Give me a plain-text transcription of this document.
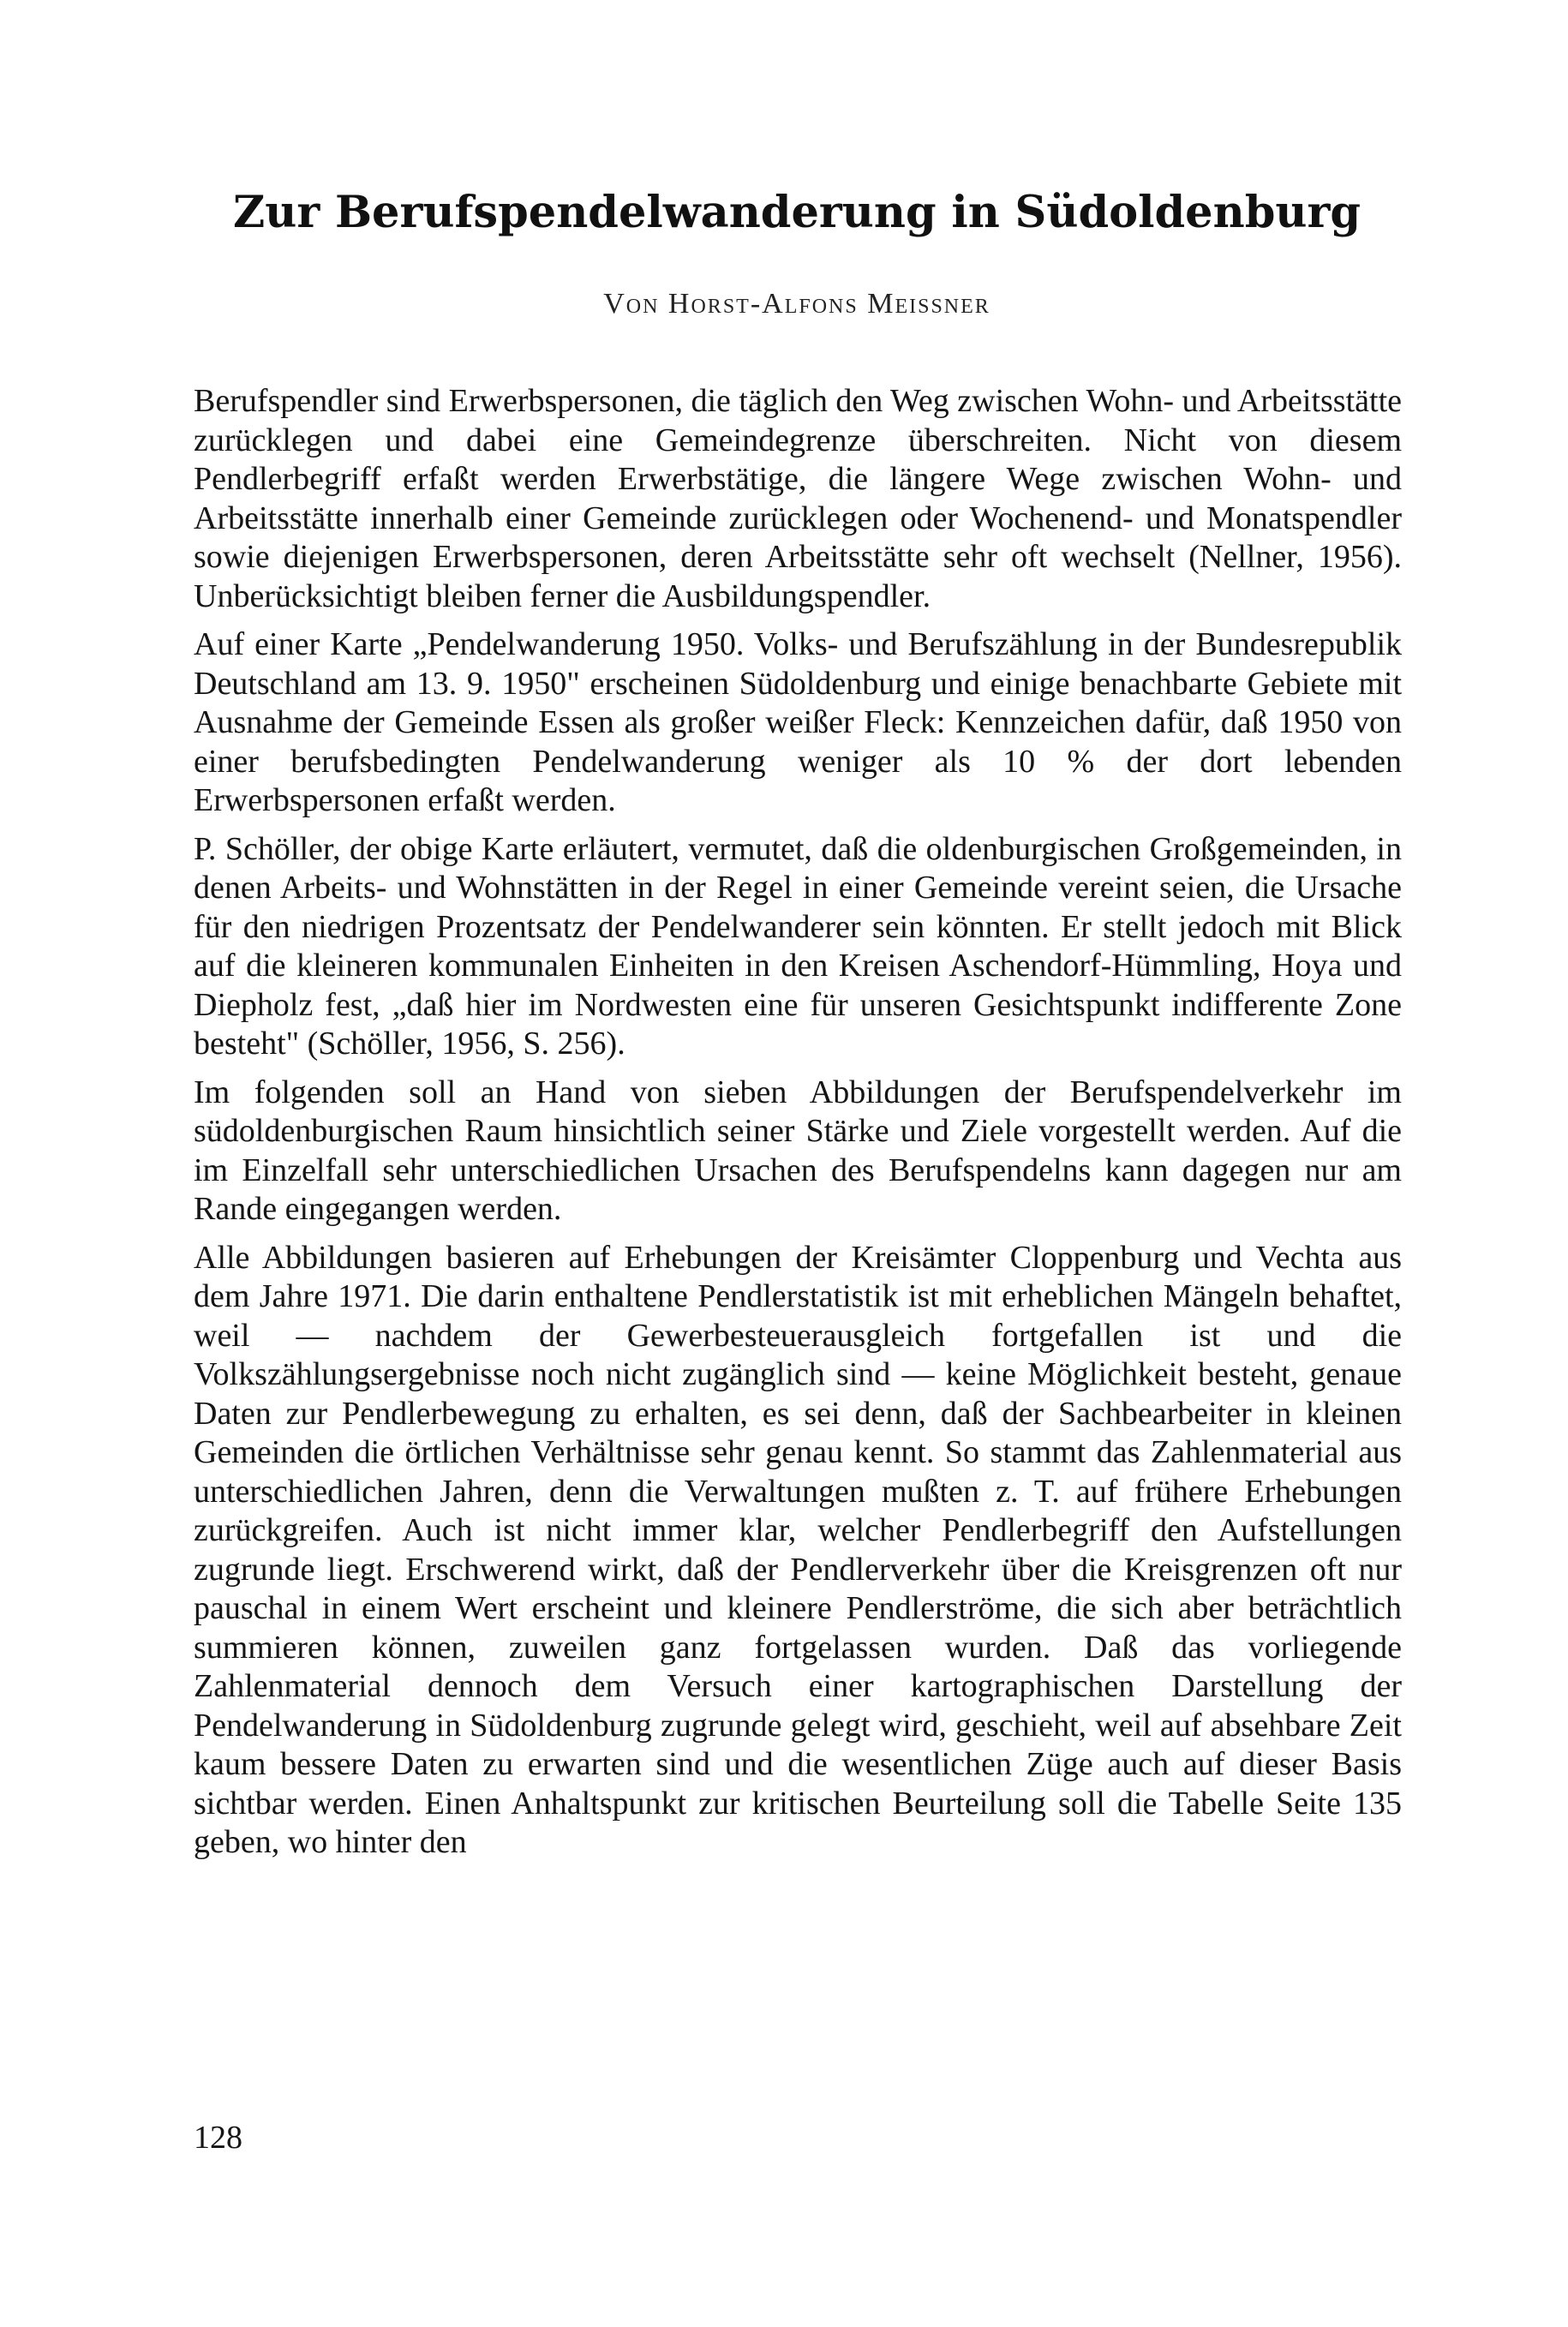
Zur Berufspendelwanderung in Südoldenburg
Von Horst-Alfons Meissner

Berufspendler sind Erwerbspersonen, die täglich den Weg zwischen Wohn- und Arbeitsstätte zurücklegen und dabei eine Gemeindegrenze überschreiten. Nicht von diesem Pendlerbegriff erfaßt werden Erwerbstätige, die längere Wege zwischen Wohn- und Arbeitsstätte innerhalb einer Gemeinde zurücklegen oder Wochenend- und Monatspendler sowie diejenigen Erwerbspersonen, deren Arbeitsstätte sehr oft wechselt (Nellner, 1956). Unberücksichtigt bleiben ferner die Ausbildungspendler.

Auf einer Karte „Pendelwanderung 1950. Volks- und Berufszählung in der Bundesrepublik Deutschland am 13. 9. 1950" erscheinen Südoldenburg und einige benachbarte Gebiete mit Ausnahme der Gemeinde Essen als großer weißer Fleck: Kennzeichen dafür, daß 1950 von einer berufsbedingten Pendelwanderung weniger als 10 % der dort lebenden Erwerbspersonen erfaßt werden.

P. Schöller, der obige Karte erläutert, vermutet, daß die oldenburgischen Großgemeinden, in denen Arbeits- und Wohnstätten in der Regel in einer Gemeinde vereint seien, die Ursache für den niedrigen Prozentsatz der Pendelwanderer sein könnten. Er stellt jedoch mit Blick auf die kleineren kommunalen Einheiten in den Kreisen Aschendorf-Hümmling, Hoya und Diepholz fest, „daß hier im Nordwesten eine für unseren Gesichtspunkt indifferente Zone besteht" (Schöller, 1956, S. 256).

Im folgenden soll an Hand von sieben Abbildungen der Berufspendelverkehr im südoldenburgischen Raum hinsichtlich seiner Stärke und Ziele vorgestellt werden. Auf die im Einzelfall sehr unterschiedlichen Ursachen des Berufspendelns kann dagegen nur am Rande eingegangen werden.

Alle Abbildungen basieren auf Erhebungen der Kreisämter Cloppenburg und Vechta aus dem Jahre 1971. Die darin enthaltene Pendlerstatistik ist mit erheblichen Mängeln behaftet, weil — nachdem der Gewerbesteuerausgleich fortgefallen ist und die Volkszählungsergebnisse noch nicht zugänglich sind — keine Möglichkeit besteht, genaue Daten zur Pendlerbewegung zu erhalten, es sei denn, daß der Sachbearbeiter in kleinen Gemeinden die örtlichen Verhältnisse sehr genau kennt. So stammt das Zahlenmaterial aus unterschiedlichen Jahren, denn die Verwaltungen mußten z. T. auf frühere Erhebungen zurückgreifen. Auch ist nicht immer klar, welcher Pendlerbegriff den Aufstellungen zugrunde liegt. Erschwerend wirkt, daß der Pendlerverkehr über die Kreisgrenzen oft nur pauschal in einem Wert erscheint und kleinere Pendlerströme, die sich aber beträchtlich summieren können, zuweilen ganz fortgelassen wurden. Daß das vorliegende Zahlenmaterial dennoch dem Versuch einer kartographischen Darstellung der Pendelwanderung in Südoldenburg zugrunde gelegt wird, geschieht, weil auf absehbare Zeit kaum bessere Daten zu erwarten sind und die wesentlichen Züge auch auf dieser Basis sichtbar werden. Einen Anhaltspunkt zur kritischen Beurteilung soll die Tabelle Seite 135 geben, wo hinter den

128
